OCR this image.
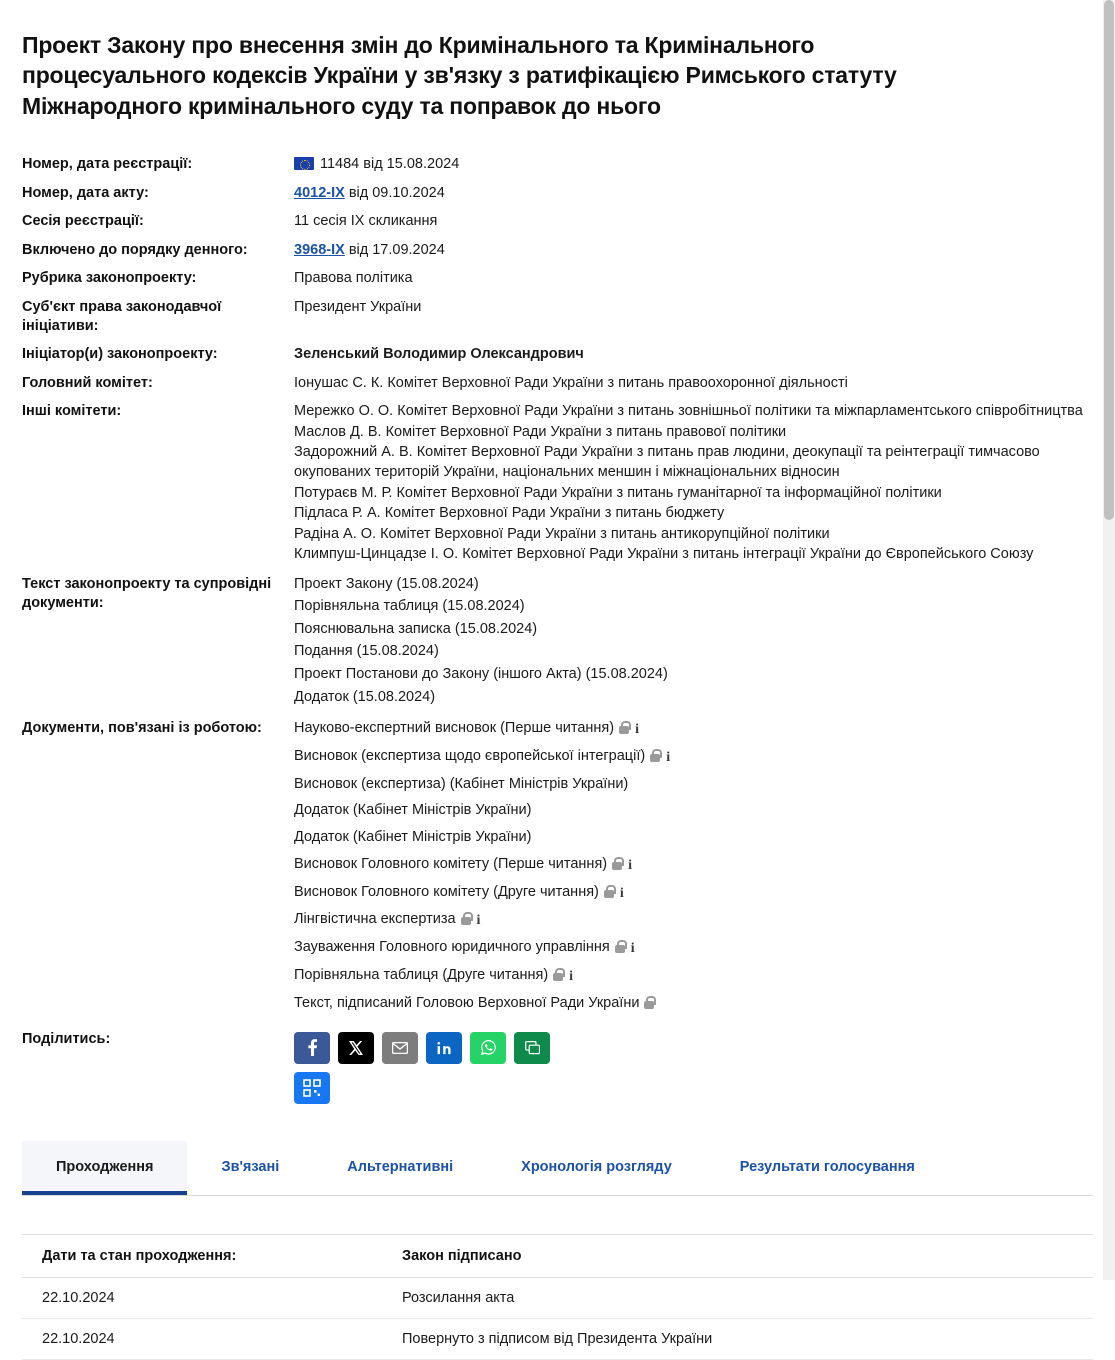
Проект Закону про внесення змін до Кримінального та Кримінального процесуального кодексів України у зв'язку з ратифікацією Римського статуту Міжнародного кримінального суду та поправок до нього
Номер, дата реєстрації:	11484 від 15.08.2024
Номер, дата акту:	4012-IX від 09.10.2024
Сесія реєстрації:	11 сесія IX скликання
Включено до порядку денного:	3968-IX від 17.09.2024
Рубрика законопроекту:	Правова політика
Суб'єкт права законодавчої ініціативи:	Президент України
Ініціатор(и) законопроекту:	Зеленський Володимир Олександрович
Головний комітет:	Іонушас С. К. Комітет Верховної Ради України з питань правоохоронної діяльності
Інші комітети:	Мережко О. О. Комітет Верховної Ради України з питань зовнішньої політики та міжпарламентського співробітництва
Маслов Д. В. Комітет Верховної Ради України з питань правової політики
Задорожний А. В. Комітет Верховної Ради України з питань прав людини, деокупації та реінтеграції тимчасово окупованих територій України, національних меншин і міжнаціональних відносин
Потураєв М. Р. Комітет Верховної Ради України з питань гуманітарної та інформаційної політики
Підласа Р. А. Комітет Верховної Ради України з питань бюджету
Радіна А. О. Комітет Верховної Ради України з питань антикорупційної політики
Климпуш-Цинцадзе І. О. Комітет Верховної Ради України з питань інтеграції України до Європейського Союзу

Текст законопроекту та супровідні документи:	
Проект Закону (15.08.2024)
Порівняльна таблиця (15.08.2024)
Пояснювальна записка (15.08.2024)
Подання (15.08.2024)
Проект Постанови до Закону (іншого Акта) (15.08.2024)
Додаток (15.08.2024)

Документи, пов'язані із роботою:	Науково-експертний висновок (Перше читання) i
Висновок (експертиза щодо європейської інтеграції) i
Висновок (експертиза) (Кабінет Міністрів України)
Додаток (Кабінет Міністрів України)
Додаток (Кабінет Міністрів України)
Висновок Головного комітету (Перше читання) i
Висновок Головного комітету (Друге читання) i
Лінгвістична експертиза i
Зауваження Головного юридичного управління i
Порівняльна таблиця (Друге читання) i
Текст, підписаний Головою Верховної Ради України

Поділитись:	
Проходження	Зв'язані	Альтернативні	Хронологія розгляду	Результати голосування
Дати та стан проходження:	Закон підписано
22.10.2024	Розсилання акта
22.10.2024	Повернуто з підписом від Президента України
